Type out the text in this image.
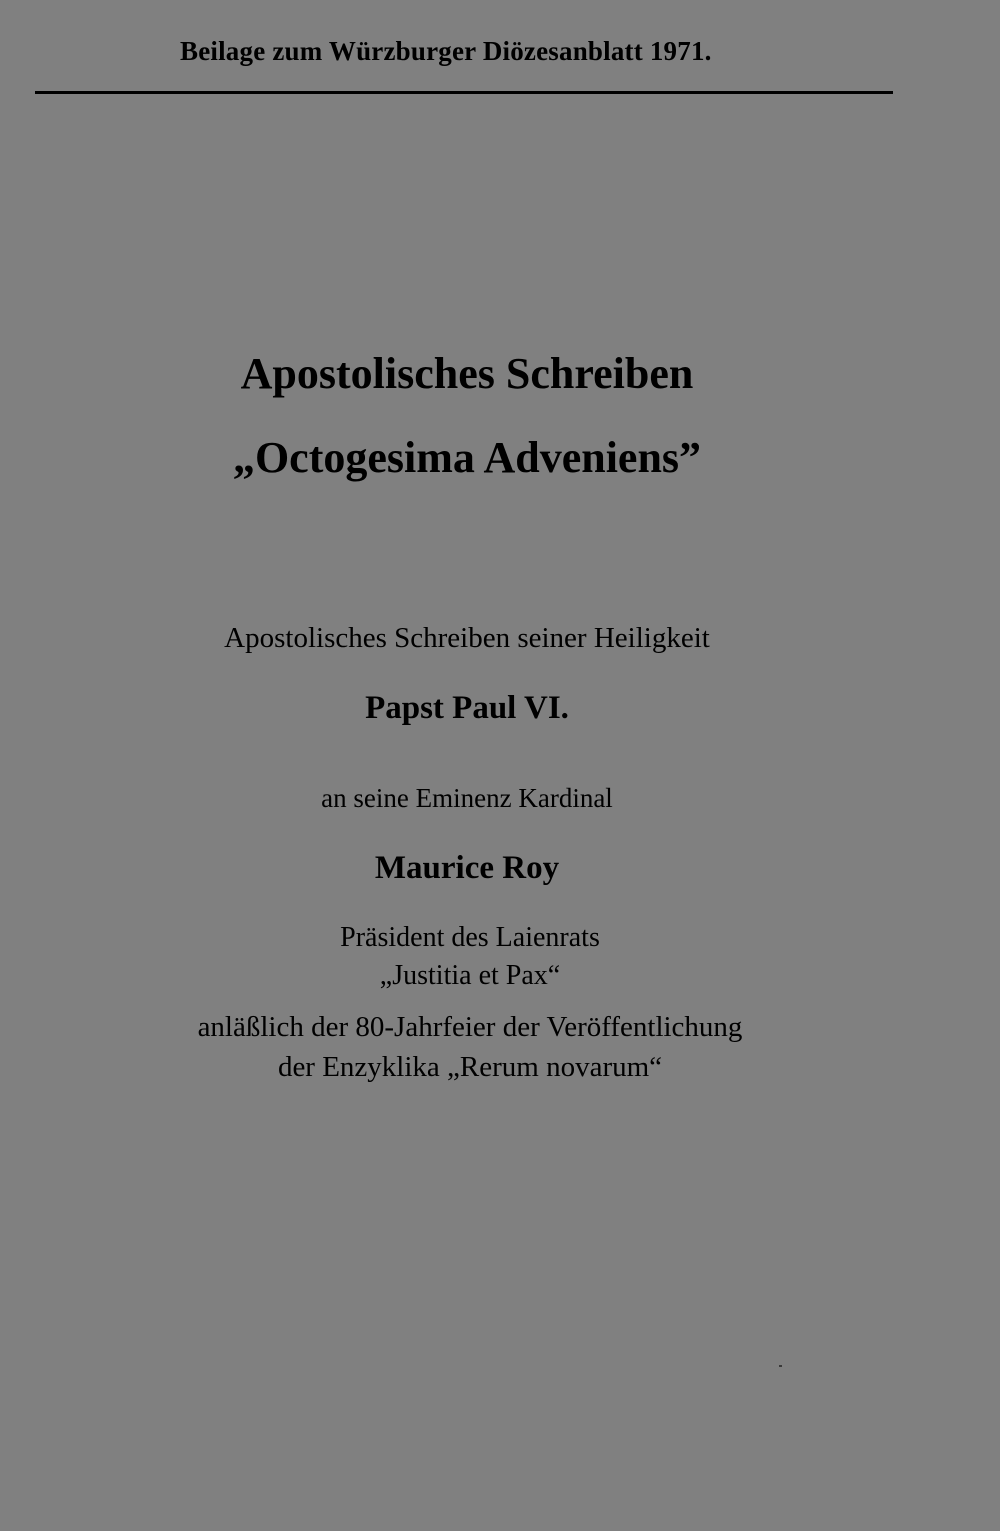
Beilage zum Würzburger Diözesanblatt 1971.
Apostolisches Schreiben
„Octogesima Adveniens”
Apostolisches Schreiben seiner Heiligkeit
Papst Paul VI.
an seine Eminenz Kardinal
Maurice Roy
Präsident des Laienrats
„Justitia et Pax“
anläßlich der 80-Jahrfeier der Veröffentlichung
der Enzyklika „Rerum novarum“
